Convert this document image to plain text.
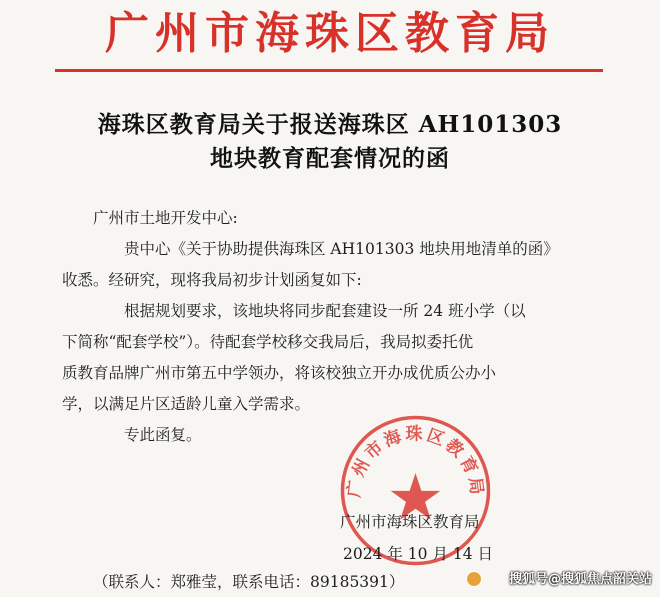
广州市海珠区教育局
海珠区教育局关于报送海珠区 AH101303
地块教育配套情况的函
广州市土地开发中心:
贵中心《关于协助提供海珠区 AH101303 地块用地清单的函》
收悉。经研究，现将我局初步计划函复如下:
根据规划要求，该地块将同步配套建设一所 24 班小学（以
下简称“配套学校”）。待配套学校移交我局后，我局拟委托优
质教育品牌广州市第五中学领办，将该校独立开办成优质公办小
学，以满足片区适龄儿童入学需求。
专此函复。
广州市海珠区教育局
广州市海珠区教育局
2024 年 10 月 14 日
（联系人：郑雅莹，联系电话：89185391）	搜狐号@搜狐焦点韶关站
